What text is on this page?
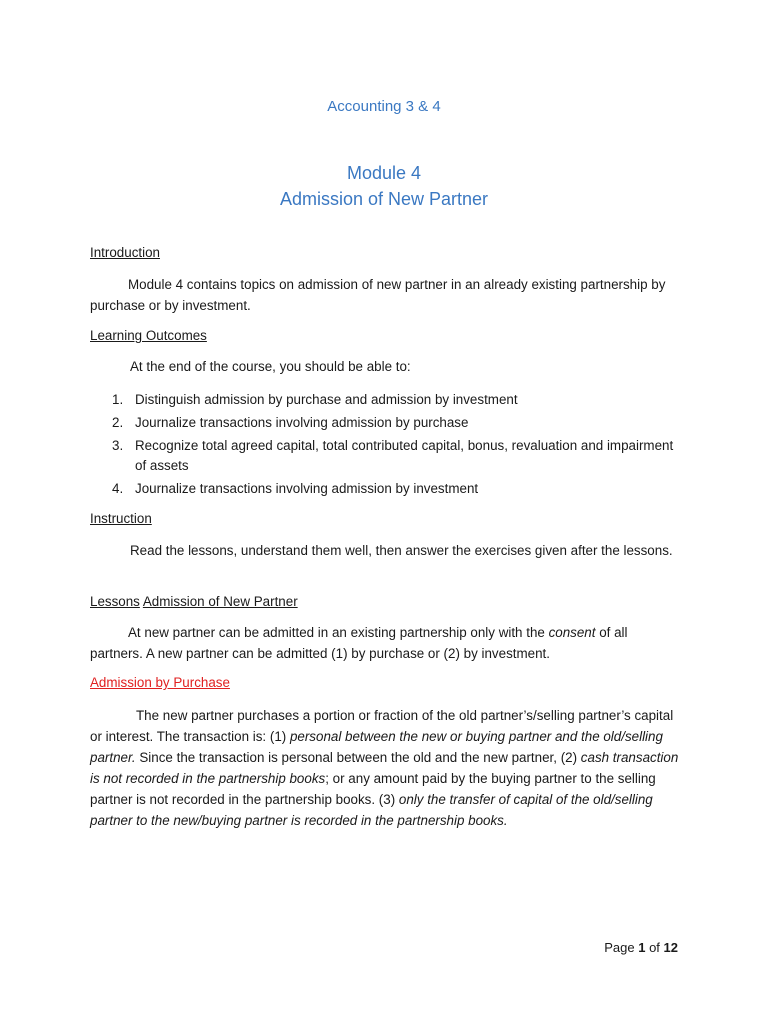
Accounting 3 & 4
Module 4
Admission of New Partner
Introduction
Module 4 contains topics on admission of new partner in an already existing partnership by purchase or by investment.
Learning Outcomes
At the end of the course, you should be able to:
1. Distinguish admission by purchase and admission by investment
2. Journalize transactions involving admission by purchase
3. Recognize total agreed capital, total contributed capital, bonus, revaluation and impairment of assets
4. Journalize transactions involving admission by investment
Instruction
Read the lessons, understand them well, then answer the exercises given after the lessons.
Lessons Admission of New Partner
At new partner can be admitted in an existing partnership only with the consent of all partners. A new partner can be admitted (1) by purchase or (2) by investment.
Admission by Purchase
The new partner purchases a portion or fraction of the old partner’s/selling partner’s capital or interest. The transaction is: (1) personal between the new or buying partner and the old/selling partner. Since the transaction is personal between the old and the new partner, (2) cash transaction is not recorded in the partnership books; or any amount paid by the buying partner to the selling partner is not recorded in the partnership books. (3) only the transfer of capital of the old/selling partner to the new/buying partner is recorded in the partnership books.
Page 1 of 12
